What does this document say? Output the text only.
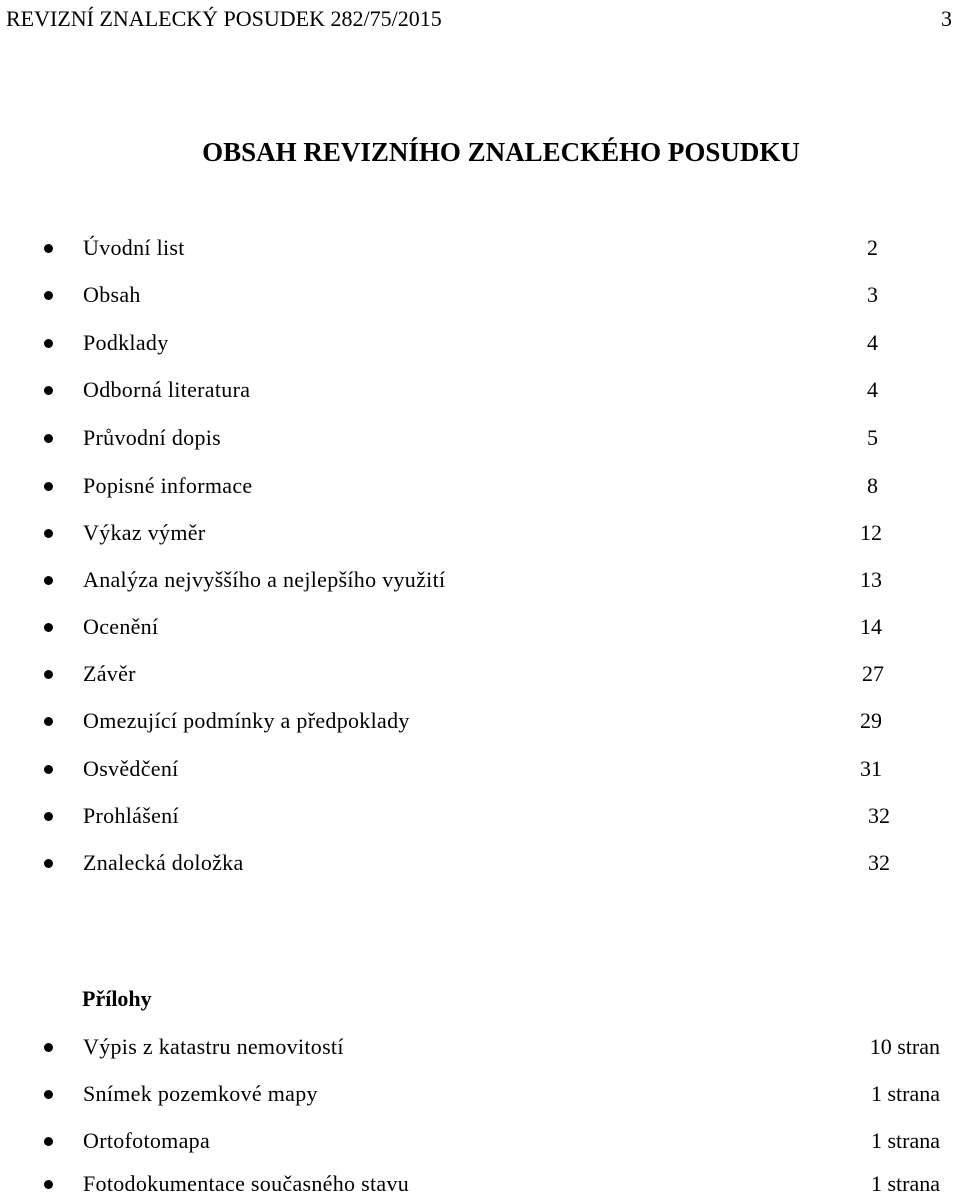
REVIZNÍ ZNALECKÝ POSUDEK 282/75/2015	3
OBSAH REVIZNÍHO ZNALECKÉHO POSUDKU
Úvodní list	2
Obsah	3
Podklady	4
Odborná literatura	4
Průvodní dopis	5
Popisné informace	8
Výkaz výměr	12
Analýza nejvyššího a nejlepšího využití	13
Ocenění	14
Závěr	27
Omezující podmínky a předpoklady	29
Osvědčení	31
Prohlášení	32
Znalecká doložka	32
Přílohy
Výpis z katastru nemovitostí	10 stran
Snímek pozemkové mapy	1 strana
Ortofotomapa	1 strana
Fotodokumentace současného stavu	1 strana
